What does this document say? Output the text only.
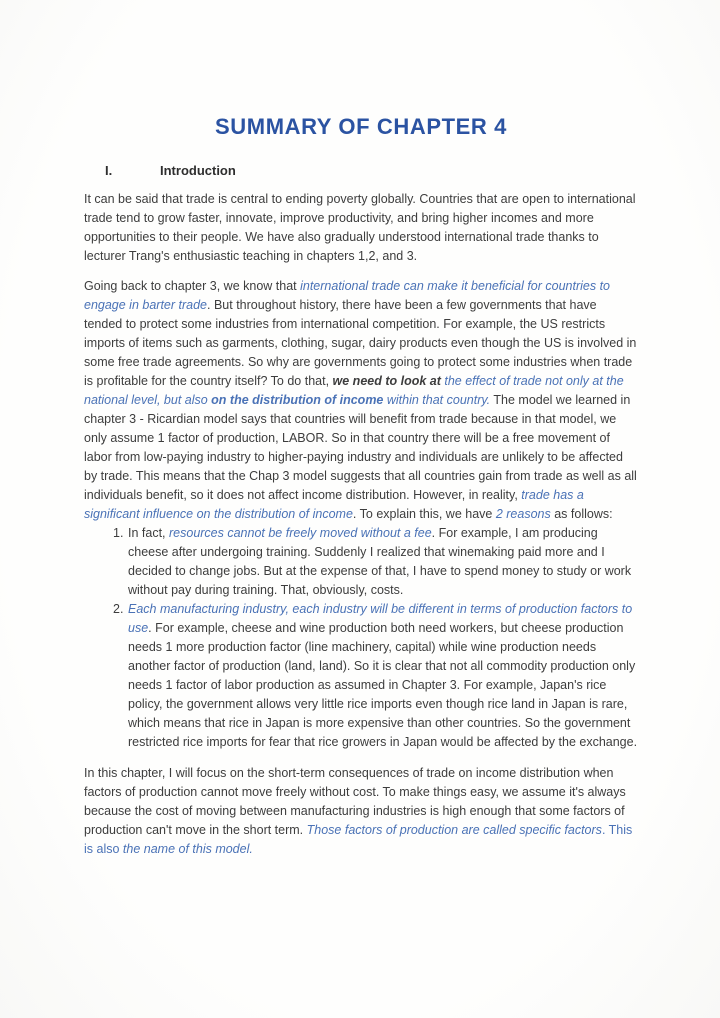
SUMMARY OF CHAPTER 4
I.	Introduction

It can be said that trade is central to ending poverty globally. Countries that are open to international trade tend to grow faster, innovate, improve productivity, and bring higher incomes and more opportunities to their people. We have also gradually understood international trade thanks to lecturer Trang's enthusiastic teaching in chapters 1,2, and 3.

Going back to chapter 3, we know that international trade can make it beneficial for countries to engage in barter trade. But throughout history, there have been a few governments that have tended to protect some industries from international competition. For example, the US restricts imports of items such as garments, clothing, sugar, dairy products even though the US is involved in some free trade agreements. So why are governments going to protect some industries when trade is profitable for the country itself? To do that, we need to look at the effect of trade not only at the national level, but also on the distribution of income within that country. The model we learned in chapter 3 - Ricardian model says that countries will benefit from trade because in that model, we only assume 1 factor of production, LABOR. So in that country there will be a free movement of labor from low-paying industry to higher-paying industry and individuals are unlikely to be affected by trade. This means that the Chap 3 model suggests that all countries gain from trade as well as all individuals benefit, so it does not affect income distribution. However, in reality, trade has a significant influence on the distribution of income. To explain this, we have 2 reasons as follows:

1. In fact, resources cannot be freely moved without a fee. For example, I am producing cheese after undergoing training. Suddenly I realized that winemaking paid more and I decided to change jobs. But at the expense of that, I have to spend money to study or work without pay during training. That, obviously, costs.
2. Each manufacturing industry, each industry will be different in terms of production factors to use. For example, cheese and wine production both need workers, but cheese production needs 1 more production factor (line machinery, capital) while wine production needs another factor of production (land, land). So it is clear that not all commodity production only needs 1 factor of labor production as assumed in Chapter 3. For example, Japan's rice policy, the government allows very little rice imports even though rice land in Japan is rare, which means that rice in Japan is more expensive than other countries. So the government restricted rice imports for fear that rice growers in Japan would be affected by the exchange.

In this chapter, I will focus on the short-term consequences of trade on income distribution when factors of production cannot move freely without cost. To make things easy, we assume it's always because the cost of moving between manufacturing industries is high enough that some factors of production can't move in the short term. Those factors of production are called specific factors. This is also the name of this model.
